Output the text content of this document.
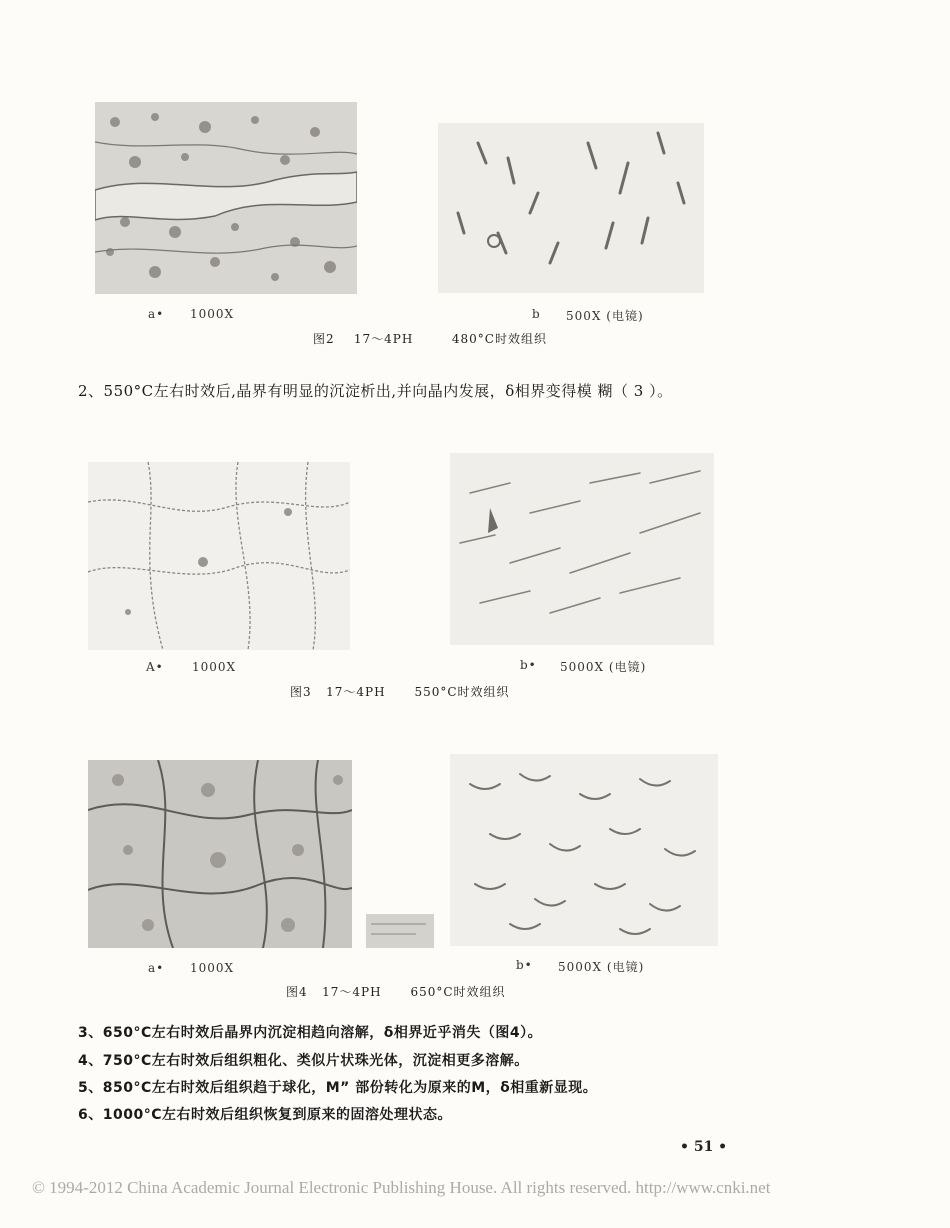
a• 1000X	b 500X (电镜)
图2 17～4PH	480°C时效组织
2、550°C左右时效后,晶界有明显的沉淀析出,并向晶内发展，δ相界变得模 糊（ 3 ）。
A• 1000X	b• 5000X (电镜)
图3 17～4PH 550°C时效组织
a• 1000X	b• 5000X (电镜)
图4 17～4PH 650°C时效组织
3、650°C左右时效后晶界内沉淀相趋向溶解，δ相界近乎消失（图4）。
4、750°C左右时效后组织粗化、类似片状珠光体，沉淀相更多溶解。
5、850°C左右时效后组织趋于球化，M” 部份转化为原来的M，δ相重新显现。
6、1000°C左右时效后组织恢复到原来的固溶处理状态。
• 51 •
© 1994-2012 China Academic Journal Electronic Publishing House. All rights reserved. http://www.cnki.net
